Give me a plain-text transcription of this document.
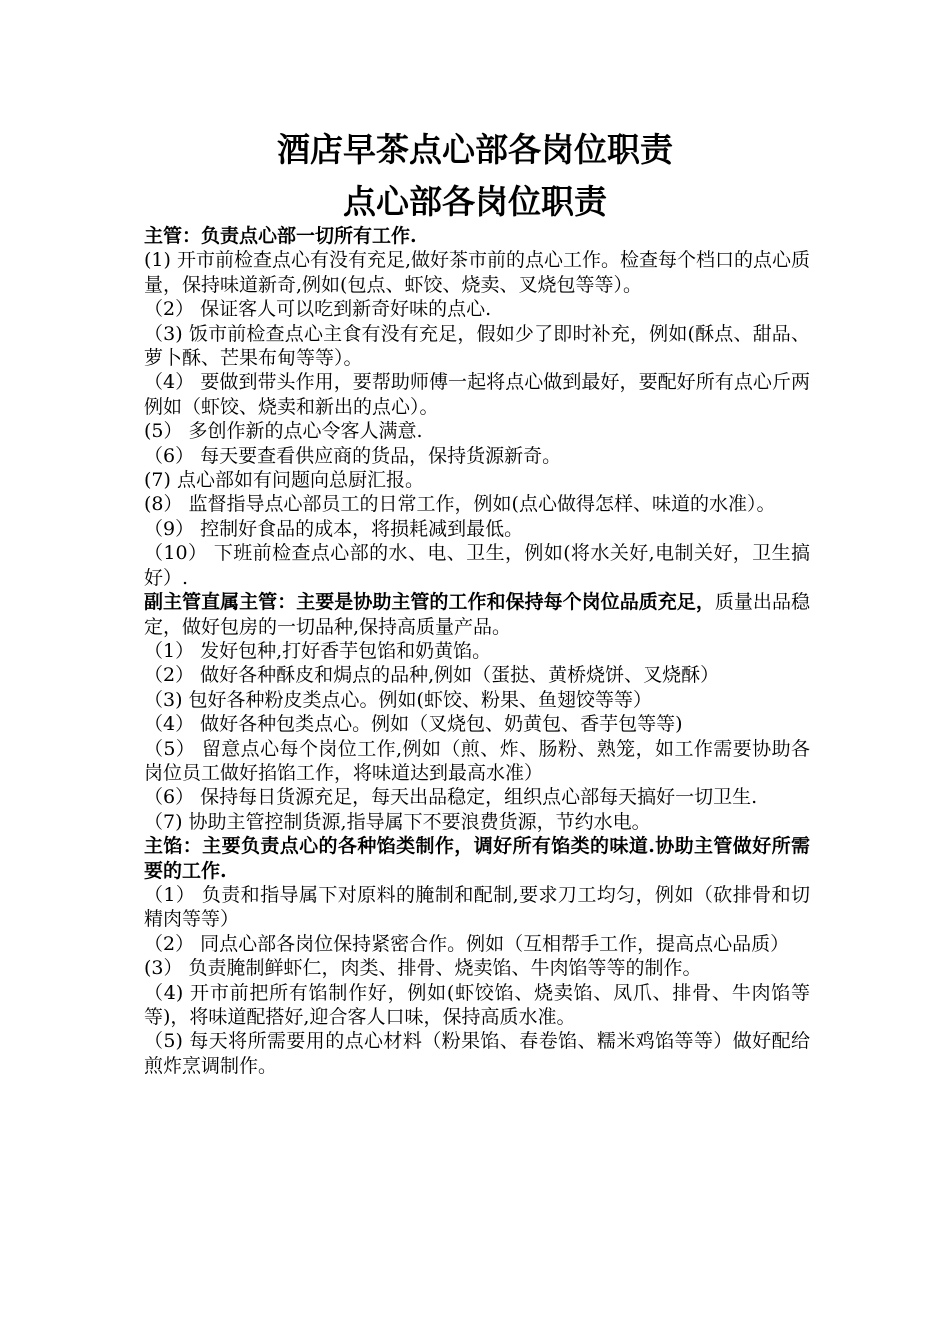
酒店早茶点心部各岗位职责
点心部各岗位职责

主管：负责点心部一切所有工作.

(1) 开市前检查点心有没有充足,做好茶市前的点心工作。检查每个档口的点心质量，保持味道新奇,例如(包点、虾饺、烧卖、叉烧包等等）。

（2） 保证客人可以吃到新奇好味的点心.

（3) 饭市前检查点心主食有没有充足，假如少了即时补充，例如(酥点、甜品、萝卜酥、芒果布甸等等）。

（4） 要做到带头作用，要帮助师傅一起将点心做到最好，要配好所有点心斤两例如（虾饺、烧卖和新出的点心）。

(5） 多创作新的点心令客人满意.

（6） 每天要查看供应商的货品，保持货源新奇。

(7) 点心部如有问题向总厨汇报。

(8） 监督指导点心部员工的日常工作，例如(点心做得怎样、味道的水准）。

（9） 控制好食品的成本，将损耗减到最低。

（10） 下班前检查点心部的水、电、卫生，例如(将水关好,电制关好，卫生搞好）.

副主管直属主管：主要是协助主管的工作和保持每个岗位品质充足，质量出品稳定，做好包房的一切品种,保持高质量产品。

（1） 发好包种,打好香芋包馅和奶黄馅。

（2） 做好各种酥皮和焗点的品种,例如（蛋挞、黄桥烧饼、叉烧酥）

（3) 包好各种粉皮类点心。例如(虾饺、粉果、鱼翅饺等等）

（4） 做好各种包类点心。例如（叉烧包、奶黄包、香芋包等等)

（5） 留意点心每个岗位工作,例如（煎、炸、肠粉、熟笼，如工作需要协助各岗位员工做好掐馅工作，将味道达到最高水准）

（6） 保持每日货源充足，每天出品稳定，组织点心部每天搞好一切卫生.

（7) 协助主管控制货源,指导属下不要浪费货源，节约水电。

主馅：主要负责点心的各种馅类制作，调好所有馅类的味道.协助主管做好所需要的工作.

（1） 负责和指导属下对原料的腌制和配制,要求刀工均匀，例如（砍排骨和切精肉等等）

（2） 同点心部各岗位保持紧密合作。例如（互相帮手工作，提高点心品质）

(3） 负责腌制鲜虾仁，肉类、排骨、烧卖馅、牛肉馅等等的制作。

（4) 开市前把所有馅制作好，例如(虾饺馅、烧卖馅、凤爪、排骨、牛肉馅等等)，将味道配搭好,迎合客人口味，保持高质水准。

（5) 每天将所需要用的点心材料（粉果馅、春卷馅、糯米鸡馅等等）做好配给煎炸烹调制作。
